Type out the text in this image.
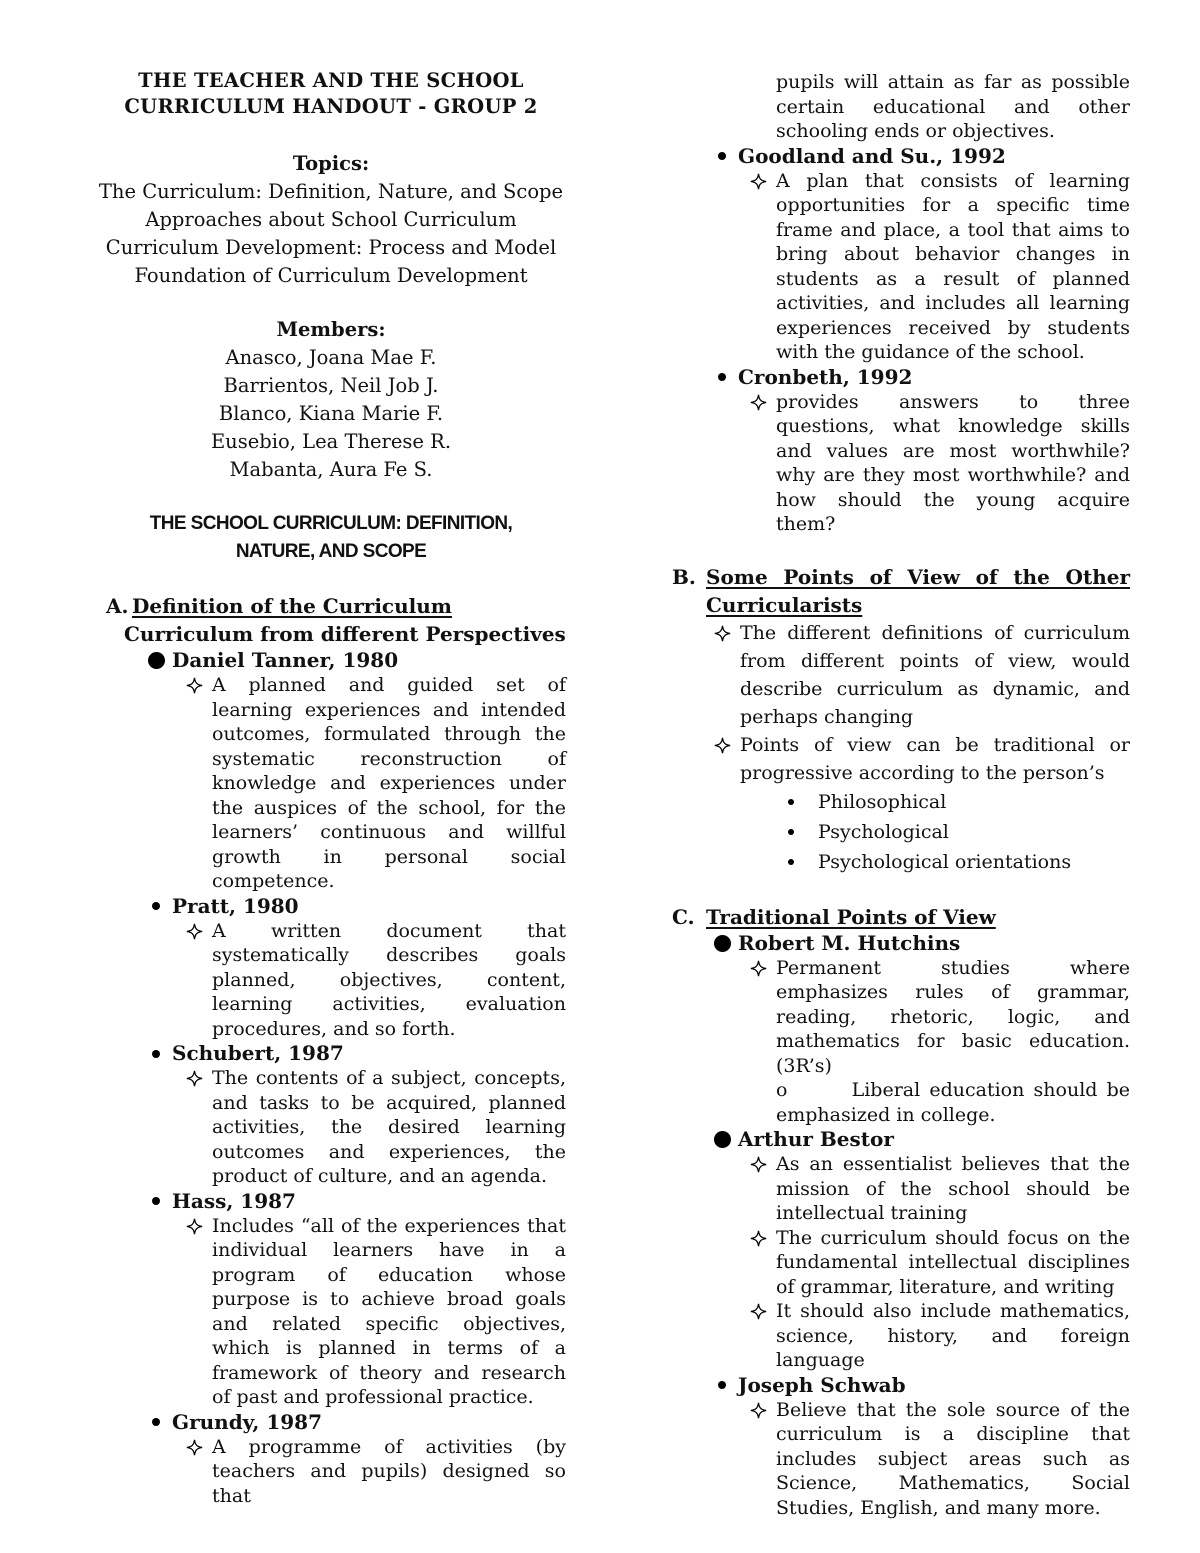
THE TEACHER AND THE SCHOOL
CURRICULUM HANDOUT - GROUP 2
Topics:
The Curriculum: Definition, Nature, and Scope
Approaches about School Curriculum
Curriculum Development: Process and Model
Foundation of Curriculum Development
Members:
Anasco, Joana Mae F.
Barrientos, Neil Job J.
Blanco, Kiana Marie F.
Eusebio, Lea Therese R.
Mabanta, Aura Fe S.
THE SCHOOL CURRICULUM: DEFINITION,
NATURE, AND SCOPE
A. Definition of the Curriculum
Curriculum from different Perspectives
Daniel Tanner, 1980
A planned and guided set of learning experiences and intended outcomes, formulated through the systematic reconstruction of knowledge and experiences under the auspices of the school, for the learners’ continuous and willful growth in personal social competence.
Pratt, 1980
A written document that systematically describes goals planned, objectives, content, learning activities, evaluation procedures, and so forth.
Schubert, 1987
The contents of a subject, concepts, and tasks to be acquired, planned activities, the desired learning outcomes and experiences, the product of culture, and an agenda.
Hass, 1987
Includes “all of the experiences that individual learners have in a program of education whose purpose is to achieve broad goals and related specific objectives, which is planned in terms of a framework of theory and research of past and professional practice.
Grundy, 1987
A programme of activities (by teachers and pupils) designed so that
pupils will attain as far as possible certain educational and other schooling ends or objectives.
Goodland and Su., 1992
A plan that consists of learning opportunities for a specific time frame and place, a tool that aims to bring about behavior changes in students as a result of planned activities, and includes all learning experiences received by students with the guidance of the school.
Cronbeth, 1992
provides answers to three questions, what knowledge skills and values are most worthwhile? why are they most worthwhile? and how should the young acquire them?
B. Some Points of View of the Other
Curricularists
The different definitions of curriculum from different points of view, would describe curriculum as dynamic, and perhaps changing
Points of view can be traditional or progressive according to the person’s
Philosophical
Psychological
Psychological orientations
C. Traditional Points of View
Robert M. Hutchins
Permanent studies where emphasizes rules of grammar, reading, rhetoric, logic, and mathematics for basic education. (3R’s)
o	Liberal education should be emphasized in college.
Arthur Bestor
As an essentialist believes that the mission of the school should be intellectual training
The curriculum should focus on the fundamental intellectual disciplines of grammar, literature, and writing
It should also include mathematics, science, history, and foreign language
Joseph Schwab
Believe that the sole source of the curriculum is a discipline that includes subject areas such as Science, Mathematics, Social Studies, English, and many more.
